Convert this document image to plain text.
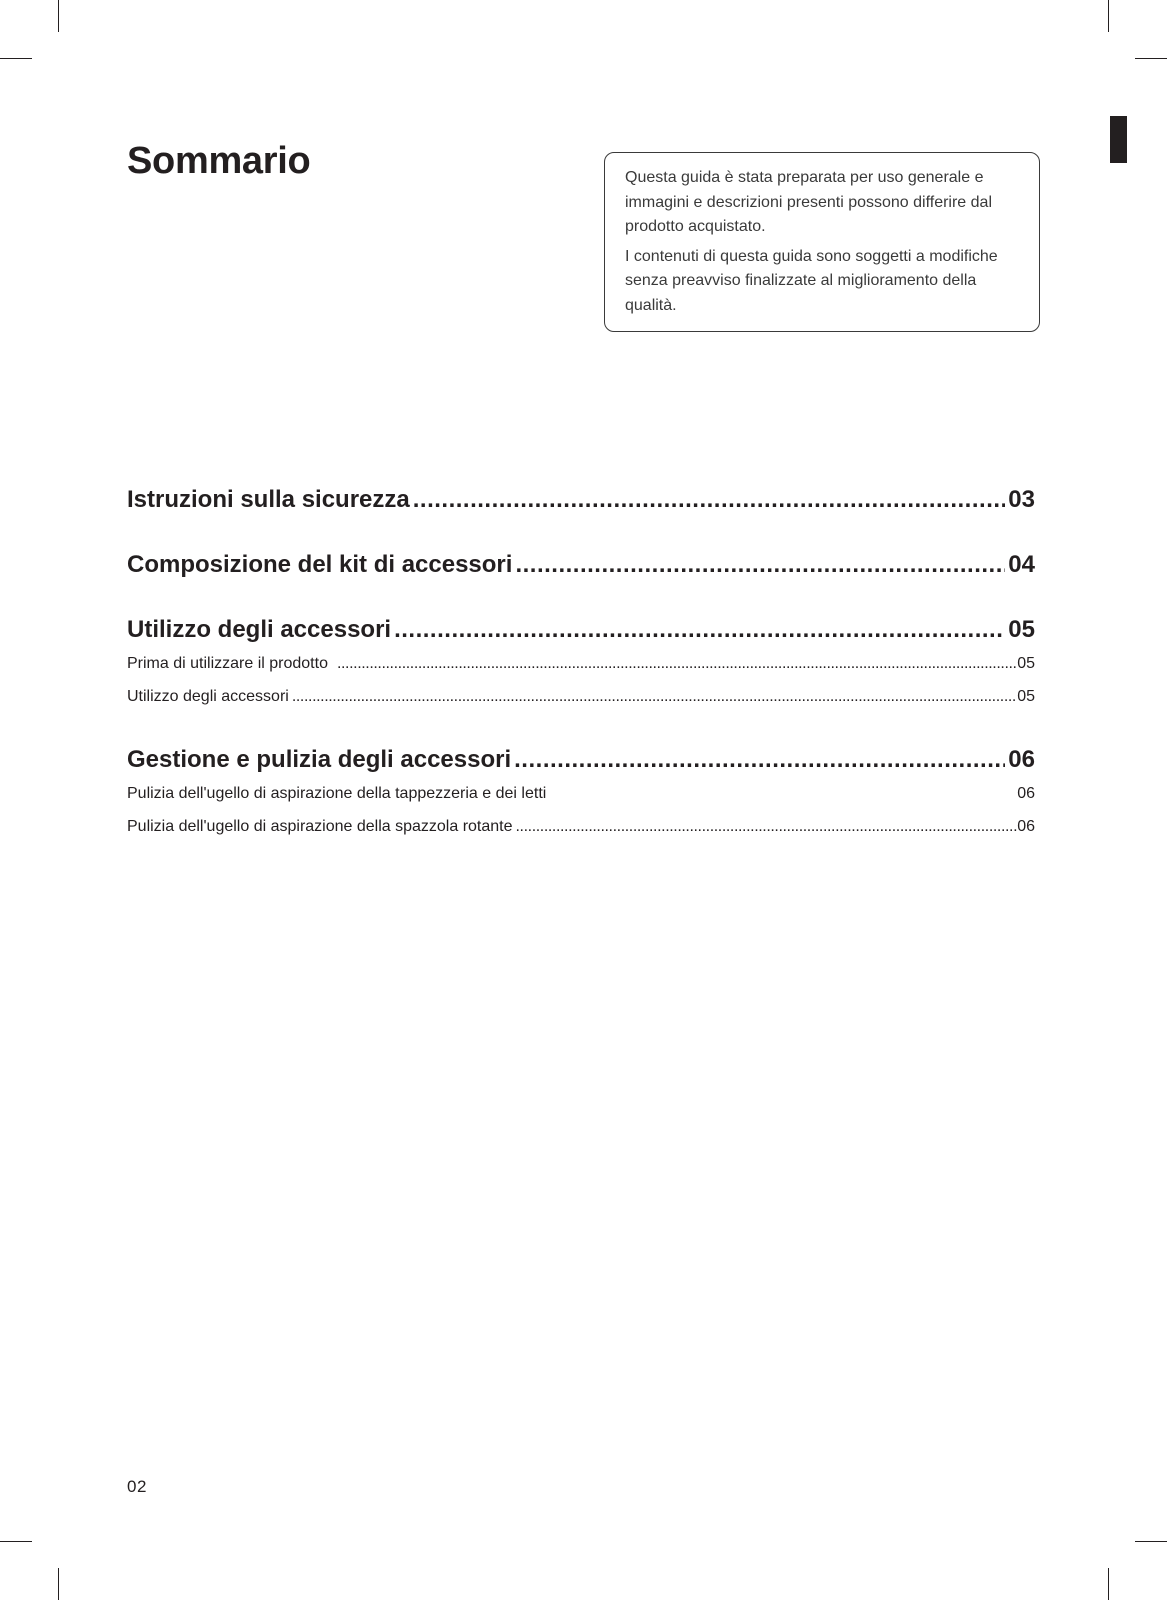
Sommario	Questa guida è stata preparata per uso generale e immagini e descrizioni presenti possono differire dal prodotto acquistato.

I contenuti di questa guida sono soggetti a modifiche senza preavviso finalizzate al miglioramento della qualità.

Istruzioni sulla sicurezza .....	03
Composizione del kit di accessori .....	04
Utilizzo degli accessori .....	05
Prima di utilizzare il prodotto .....	05
Utilizzo degli accessori .....	05
Gestione e pulizia degli accessori .....	06
Pulizia dell'ugello di aspirazione della tappezzeria e dei letti	06
Pulizia dell'ugello di aspirazione della spazzola rotante .....	06
02
